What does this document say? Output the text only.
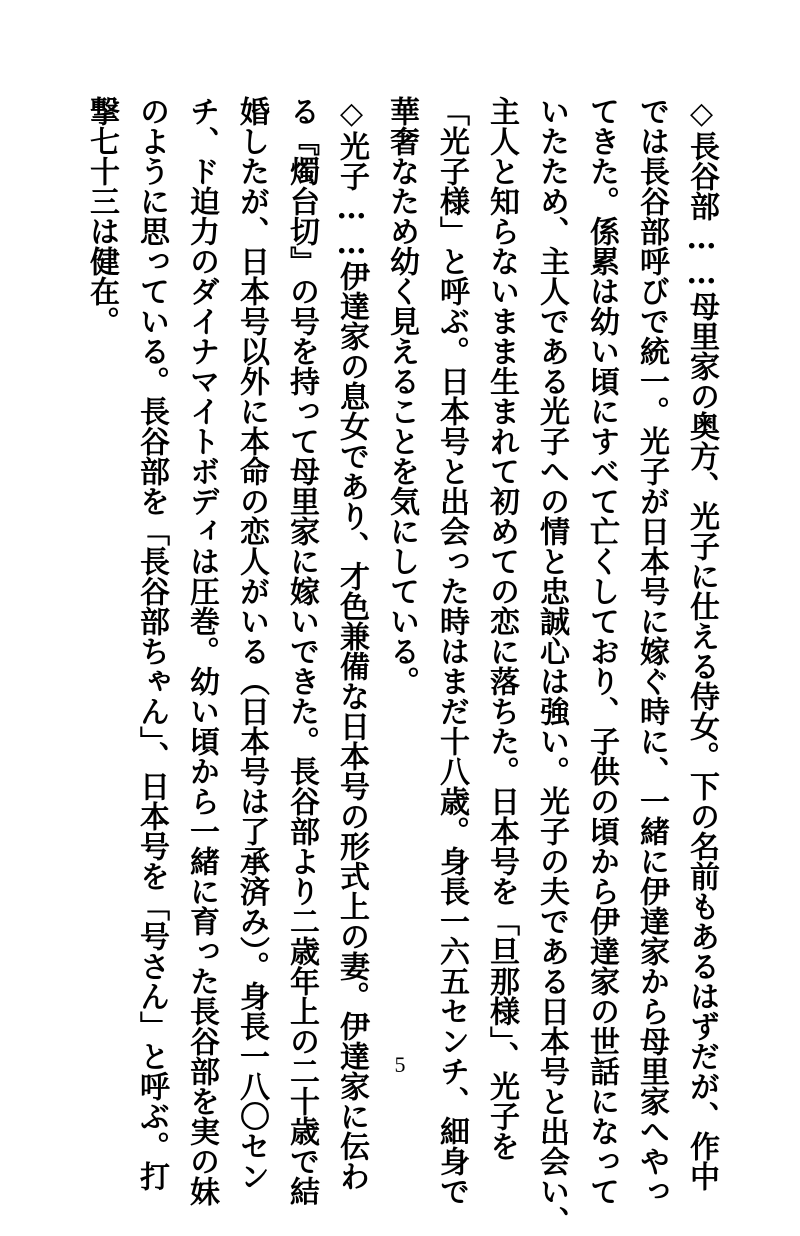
◇長谷部……母里家の奥方、光子に仕える侍女。下の名前もあるはずだが、作中
では長谷部呼びで統一。光子が日本号に嫁ぐ時に、一緒に伊達家から母里家へやっ
てきた。係累は幼い頃にすべて亡くしており、子供の頃から伊達家の世話になって
いたため、主人である光子への情と忠誠心は強い。光子の夫である日本号と出会い、
主人と知らないまま生まれて初めての恋に落ちた。日本号を「旦那様」、光子を
「光子様」と呼ぶ。日本号と出会った時はまだ十八歳。身長一六五センチ、細身で
華奢なため幼く見えることを気にしている。
◇光子……伊達家の息女であり、才色兼備な日本号の形式上の妻。伊達家に伝わ
る『燭台切』の号を持って母里家に嫁いできた。長谷部より二歳年上の二十歳で結
婚したが、日本号以外に本命の恋人がいる（日本号は了承済み）。身長一八〇セン
チ、ド迫力のダイナマイトボディは圧巻。幼い頃から一緒に育った長谷部を実の妹
のように思っている。長谷部を「長谷部ちゃん」、日本号を「号さん」と呼ぶ。打
撃七十三は健在。
5
